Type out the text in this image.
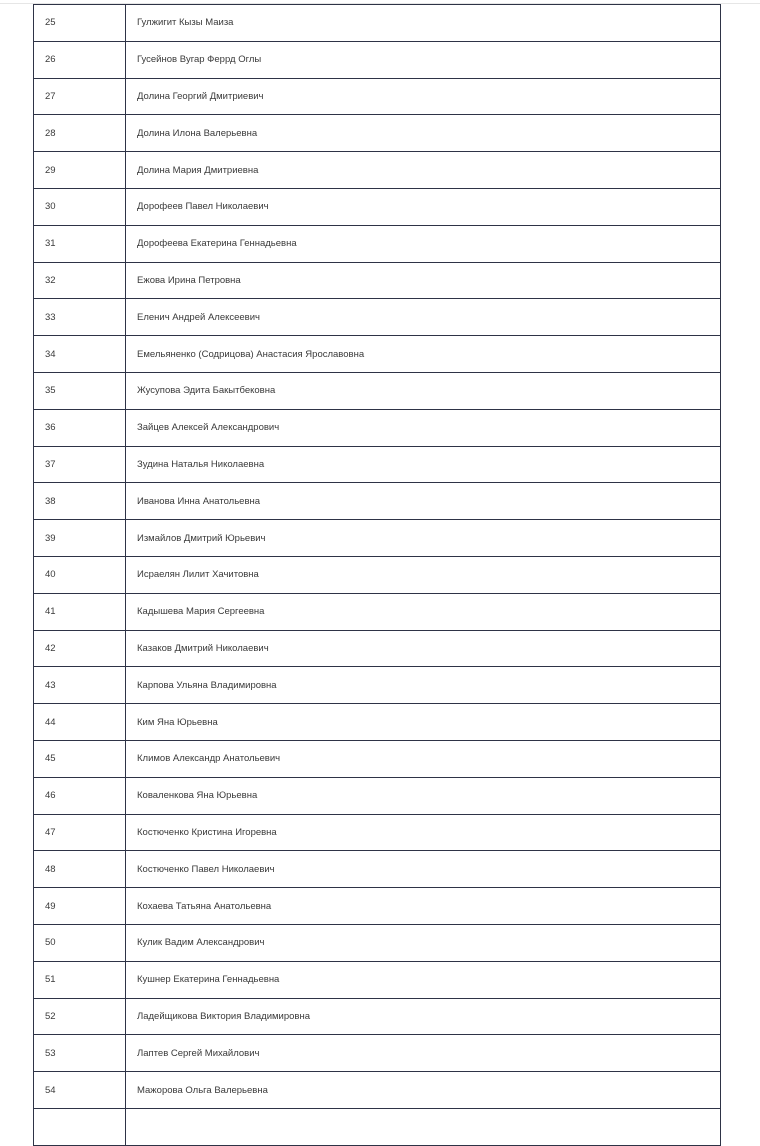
25	Гулжигит Кызы Маиза
26	Гусейнов Вугар Феррд Оглы
27	Долина Георгий Дмитриевич
28	Долина Илона Валерьевна
29	Долина Мария Дмитриевна
30	Дорофеев Павел Николаевич
31	Дорофеева Екатерина Геннадьевна
32	Ежова Ирина Петровна
33	Еленич Андрей Алексеевич
34	Емельяненко (Содрицова) Анастасия Ярославовна
35	Жусупова Эдита Бакытбековна
36	Зайцев Алексей Александрович
37	Зудина Наталья Николаевна
38	Иванова Инна Анатольевна
39	Измайлов Дмитрий Юрьевич
40	Исраелян Лилит Хачитовна
41	Кадышева Мария Сергеевна
42	Казаков Дмитрий Николаевич
43	Карпова Ульяна Владимировна
44	Ким Яна Юрьевна
45	Климов Александр Анатольевич
46	Коваленкова Яна Юрьевна
47	Костюченко Кристина Игоревна
48	Костюченко Павел Николаевич
49	Кохаева Татьяна Анатольевна
50	Кулик Вадим Александрович
51	Кушнер Екатерина Геннадьевна
52	Ладейщикова Виктория Владимировна
53	Лаптев Сергей Михайлович
54	Мажорова Ольга Валерьевна
